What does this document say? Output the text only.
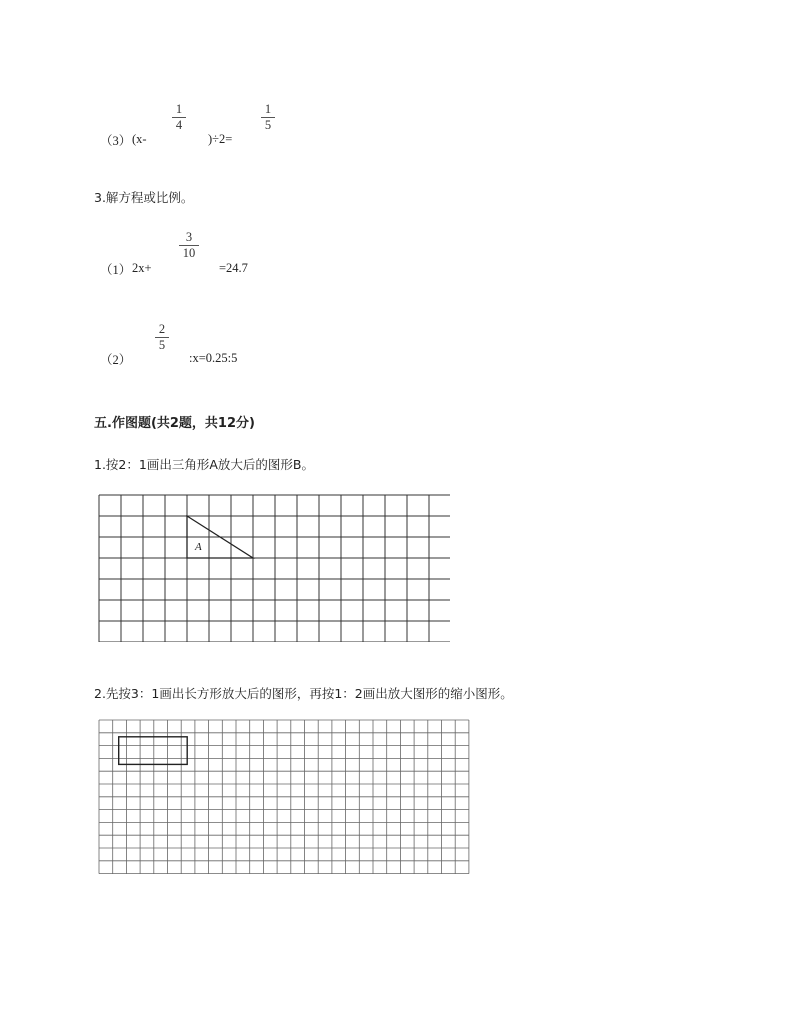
（3） (x-
1
4
)÷2=
1
5
3.解方程或比例。
（1） 2x+
3
10
=24.7
（2）
2
5
:x=0.25:5
五.作图题(共2题，共12分)
1.按2：1画出三角形A放大后的图形B。
A
2.先按3：1画出长方形放大后的图形，再按1：2画出放大图形的缩小图形。
